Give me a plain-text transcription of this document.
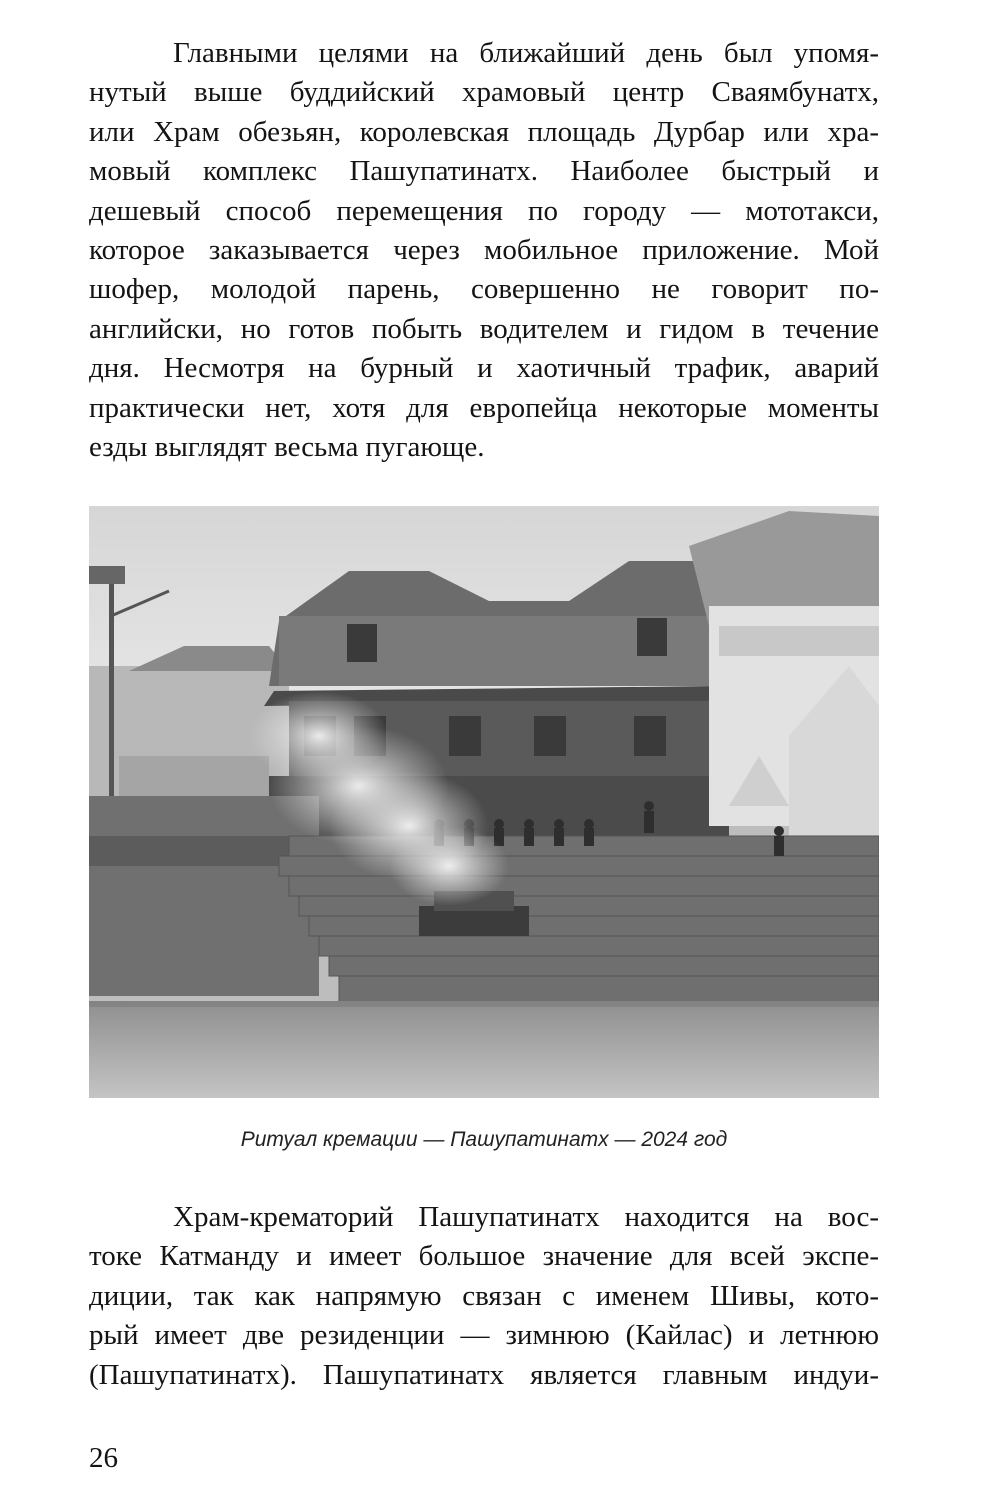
Главными целями на ближайший день был упомя-
нутый выше буддийский храмовый центр Сваямбунатх,
или Храм обезьян, королевская площадь Дурбар или хра-
мовый комплекс Пашупатинатх. Наиболее быстрый и
дешевый способ перемещения по городу — мототакси,
которое заказывается через мобильное приложение. Мой
шофер, молодой парень, совершенно не говорит по-
английски, но готов побыть водителем и гидом в течение
дня. Несмотря на бурный и хаотичный трафик, аварий
практически нет, хотя для европейца некоторые моменты
езды выглядят весьма пугающе.
Ритуал кремации — Пашупатинатх — 2024 год
Храм-крематорий Пашупатинатх находится на вос-
токе Катманду и имеет большое значение для всей экспе-
диции, так как напрямую связан с именем Шивы, кото-
рый имеет две резиденции — зимнюю (Кайлас) и летнюю
(Пашупатинатх). Пашупатинатх является главным индуи-
26
